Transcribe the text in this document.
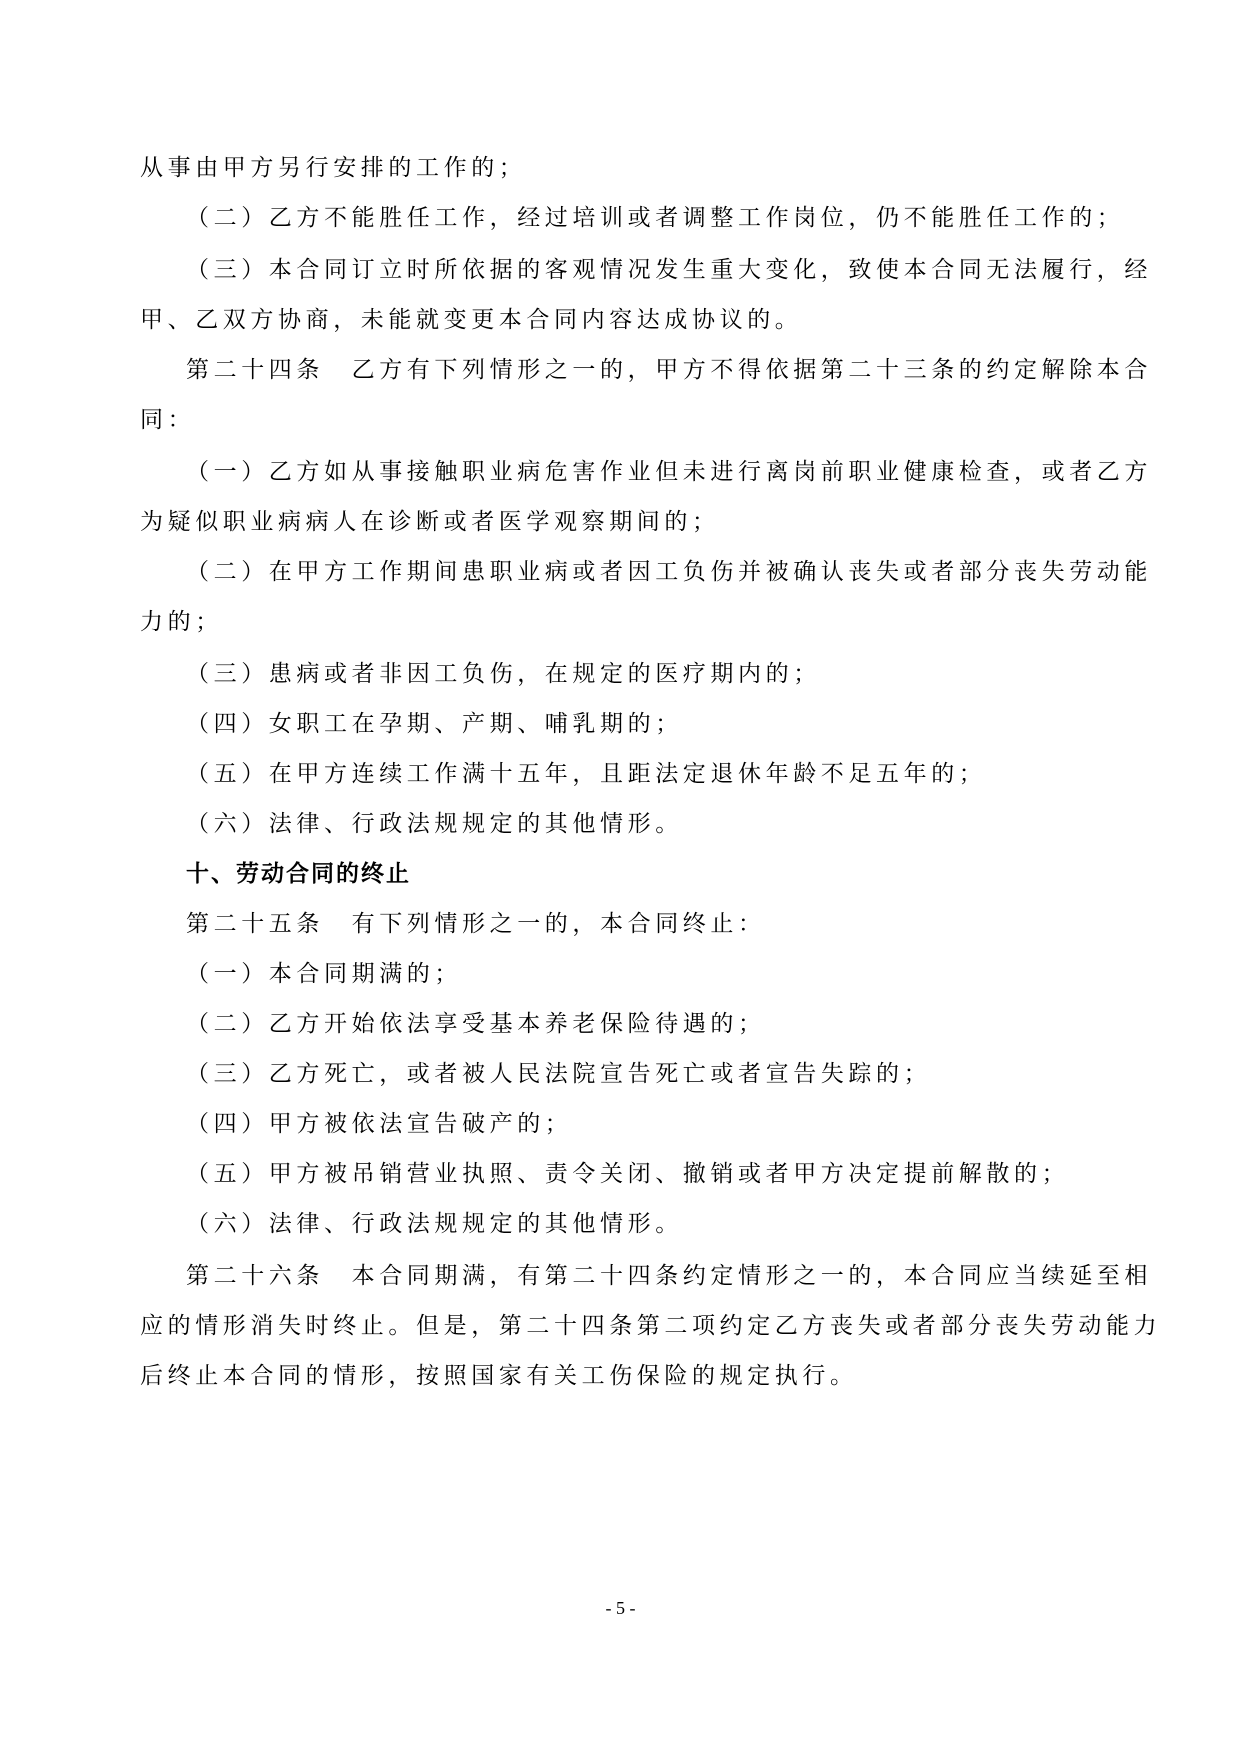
从事由甲方另行安排的工作的；
（二）乙方不能胜任工作，经过培训或者调整工作岗位，仍不能胜任工作的；
（三）本合同订立时所依据的客观情况发生重大变化，致使本合同无法履行，经
甲、乙双方协商，未能就变更本合同内容达成协议的。
第二十四条　乙方有下列情形之一的，甲方不得依据第二十三条的约定解除本合
同：
（一）乙方如从事接触职业病危害作业但未进行离岗前职业健康检查，或者乙方
为疑似职业病病人在诊断或者医学观察期间的；
（二）在甲方工作期间患职业病或者因工负伤并被确认丧失或者部分丧失劳动能
力的；
（三）患病或者非因工负伤，在规定的医疗期内的；
（四）女职工在孕期、产期、哺乳期的；
（五）在甲方连续工作满十五年，且距法定退休年龄不足五年的；
（六）法律、行政法规规定的其他情形。
十、劳动合同的终止
第二十五条　有下列情形之一的，本合同终止：
（一）本合同期满的；
（二）乙方开始依法享受基本养老保险待遇的；
（三）乙方死亡，或者被人民法院宣告死亡或者宣告失踪的；
（四）甲方被依法宣告破产的；
（五）甲方被吊销营业执照、责令关闭、撤销或者甲方决定提前解散的；
（六）法律、行政法规规定的其他情形。
第二十六条　本合同期满，有第二十四条约定情形之一的，本合同应当续延至相
应的情形消失时终止。但是，第二十四条第二项约定乙方丧失或者部分丧失劳动能力
后终止本合同的情形，按照国家有关工伤保险的规定执行。
- 5 -
